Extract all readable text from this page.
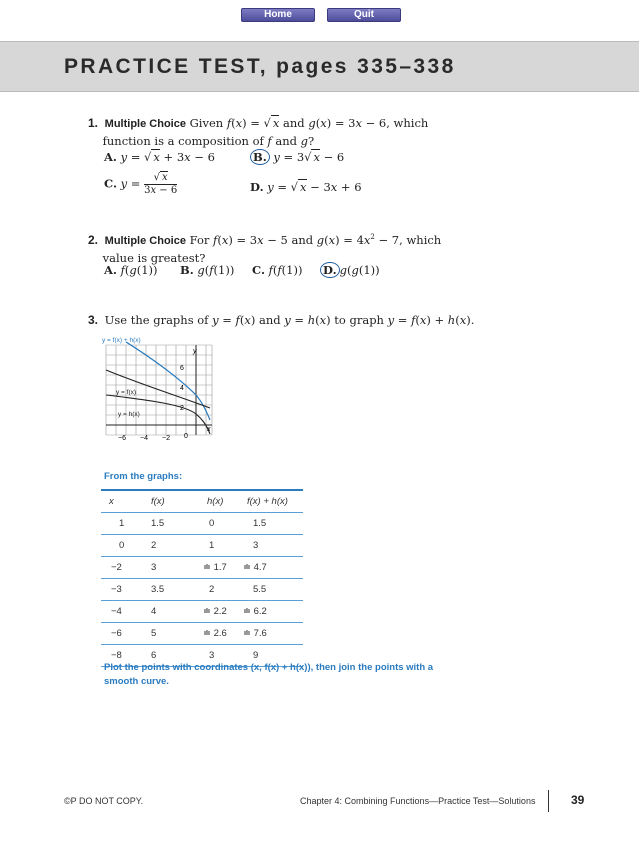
Home	Quit
PRACTICE TEST, pages 335–338
1. Multiple Choice Given f(x) = √ x and g(x) = 3x − 6, which
function is a composition of f and g?
A. y = √ x + 3x − 6	B. y = 3√ x − 6
C. $y = \frac{√ x}{3x - 6}$	D. y = √ x − 3x + 6
2. Multiple Choice For f(x) = 3x − 5 and $g(x) = 4x^2 - 7$, which
value is greatest?
A. f(g(1)) B. g(f(1)) C. f(f(1)) D. g(g(1))
3. Use the graphs of y = f(x) and y = h(x) to graph y = f(x) + h(x).
y = f(x) + h(x)
y = f(x)
y = h(x)
y
x
6
4
2
−6 −4 −2 0
From the graphs:
x	f(x)	h(x)	f(x) + h(x)
1	1.5	0	1.5
0	2	1	3
−2	3	≐ 1.7	≐ 4.7
−3	3.5	2	5.5
−4	4	≐ 2.2	≐ 6.2
−6	5	≐ 2.6	≐ 7.6
−8	6	3	9
Plot the points with coordinates (x, f(x) + h(x)), then join the points with a smooth curve.
©P DO NOT COPY.	Chapter 4: Combining Functions—Practice Test—Solutions	39
